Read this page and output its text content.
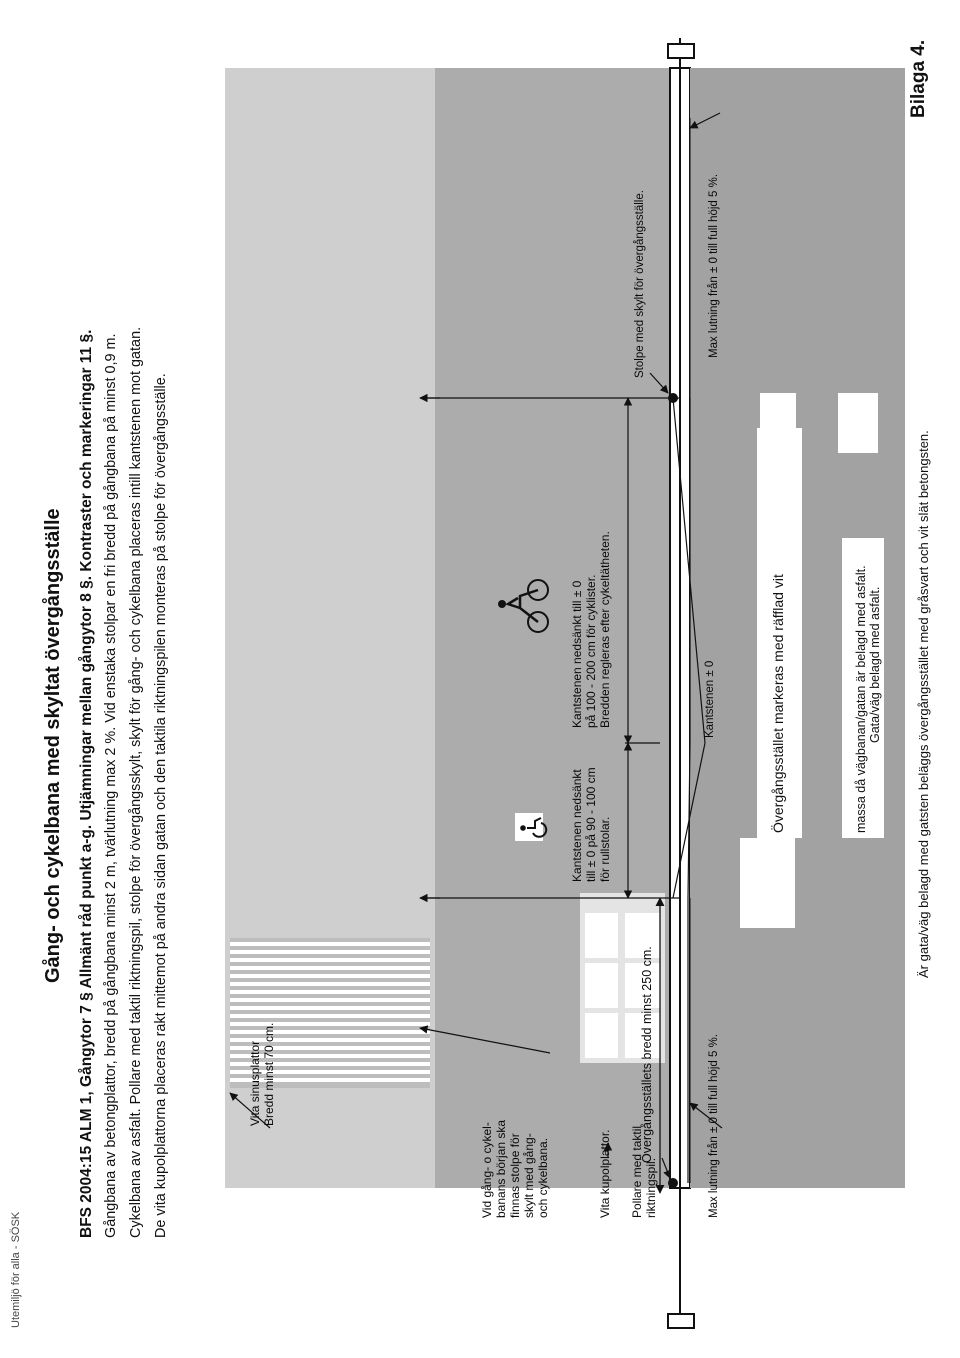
Utemiljö för alla - SÖSK
Bilaga 4.
Gång- och cykelbana med skyltat övergångsställe BFS 2004:15 ALM 1, Gångytor 7 § Allmänt råd punkt a-g. Utjämningar mellan gångytor 8 §. Kontraster och markeringar 11 §. Gångbana av betongplattor, bredd på gångbana minst 2 m, tvärlutning max 2 %. Vid enstaka stolpar en fri bredd på gångbana på minst 0,9 m. Cykelbana av asfalt. Pollare med taktil riktningspil, stolpe för övergångsskylt, skylt för gång- och cykelbana placeras intill kantstenen mot gatan. De vita kupolplattorna placeras rakt mittemot på andra sidan gatan och den taktila riktningspilen monteras på stolpe för övergångsställe.	Vita sinusplattor Bredd minst 70 cm.
Vid gång- o cykel- banans början ska finnas stolpe för skylt med gång- och cykelbana.	Vita kupolplattor. Pollare med taktil riktningspil.
Kantstenen nedsänkt till ± 0 på 90 - 100 cm för rullstolar.
Kantstenen nedsänkt till ± 0 på 100 - 200 cm för cyklister. Bredden regleras efter cykeltätheten.
Stolpe med skylt för övergångsställe.
Övergångsställets bredd minst 250 cm.
Kantstenen ± 0
Max lutning från ± 0 till full höjd 5 %.
Max lutning från ± 0 till full höjd 5 %.
Övergångsstället markeras med räfflad vit	massa då vägbanan/gatan är belagd med asfalt. Gata/väg belagd med asfalt.	Är gata/väg belagd med gatsten beläggs övergångsstället med gråsvart och vit slät betongsten.
